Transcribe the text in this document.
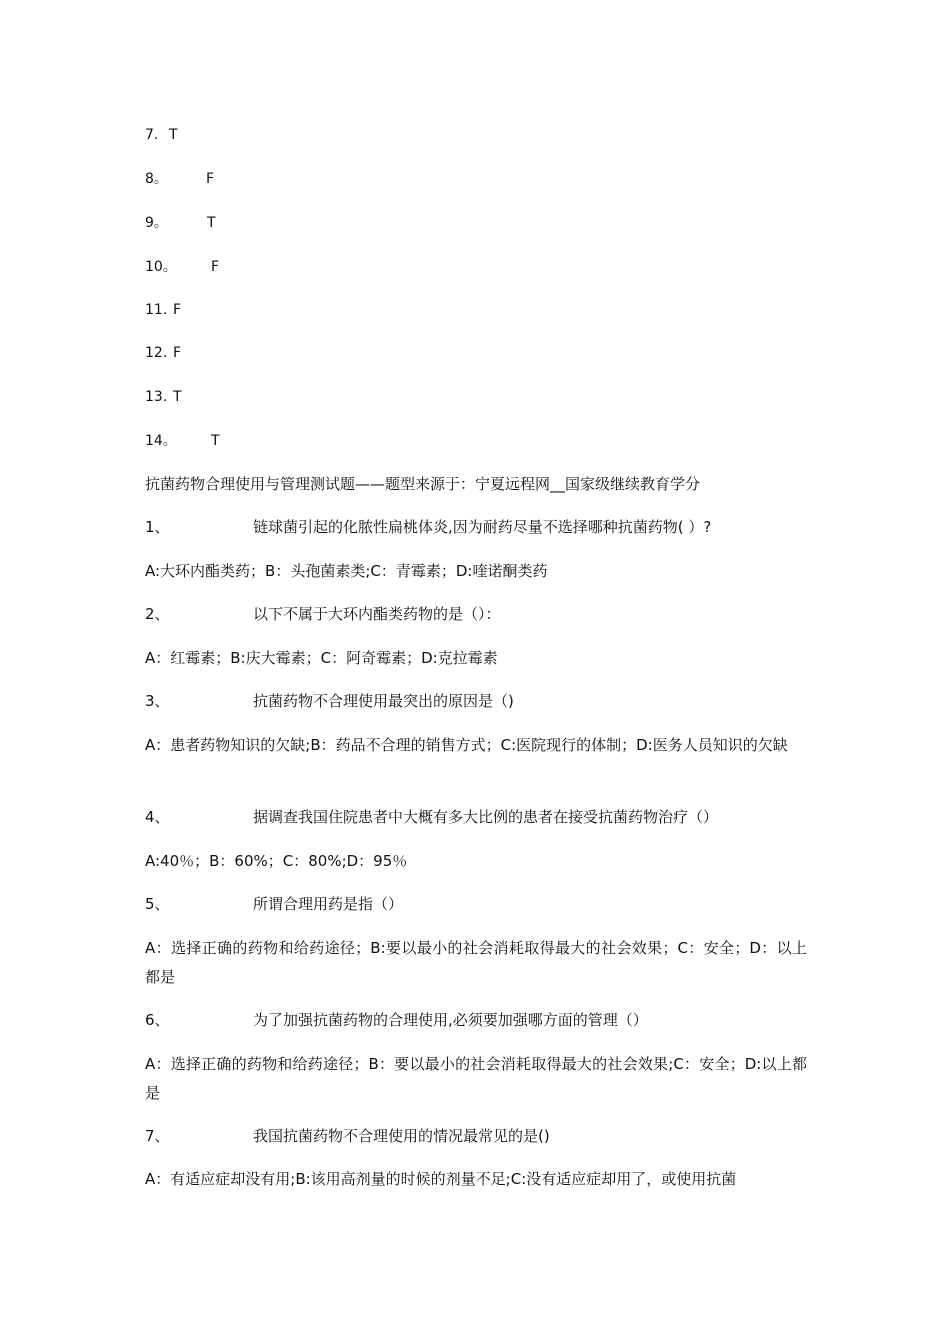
7. T
8。	F
9。	T
10。 F
11. F
12. F
13. T
14。 T
抗菌药物合理使用与管理测试题——题型来源于：宁夏远程网__国家级继续教育学分
1、	链球菌引起的化脓性扁桃体炎,因为耐药尽量不选择哪种抗菌药物( ）?
A:大环内酯类药；B：头孢菌素类;C：青霉素；D:喹诺酮类药
2、	以下不属于大环内酯类药物的是（）：
A：红霉素；B:庆大霉素；C：阿奇霉素；D:克拉霉素
3、	抗菌药物不合理使用最突出的原因是（)
A：患者药物知识的欠缺;B：药品不合理的销售方式；C:医院现行的体制；D:医务人员知识的欠缺
4、	据调查我国住院患者中大概有多大比例的患者在接受抗菌药物治疗（）
A:40％；B：60%；C：80%;D：95％
5、	所谓合理用药是指（）
A：选择正确的药物和给药途径；B:要以最小的社会消耗取得最大的社会效果；C：安全；D：以上都是
6、	为了加强抗菌药物的合理使用,必须要加强哪方面的管理（）
A：选择正确的药物和给药途径；B：要以最小的社会消耗取得最大的社会效果;C：安全；D:以上都是
7、	我国抗菌药物不合理使用的情况最常见的是()
A：有适应症却没有用;B:该用高剂量的时候的剂量不足;C:没有适应症却用了，或使用抗菌
